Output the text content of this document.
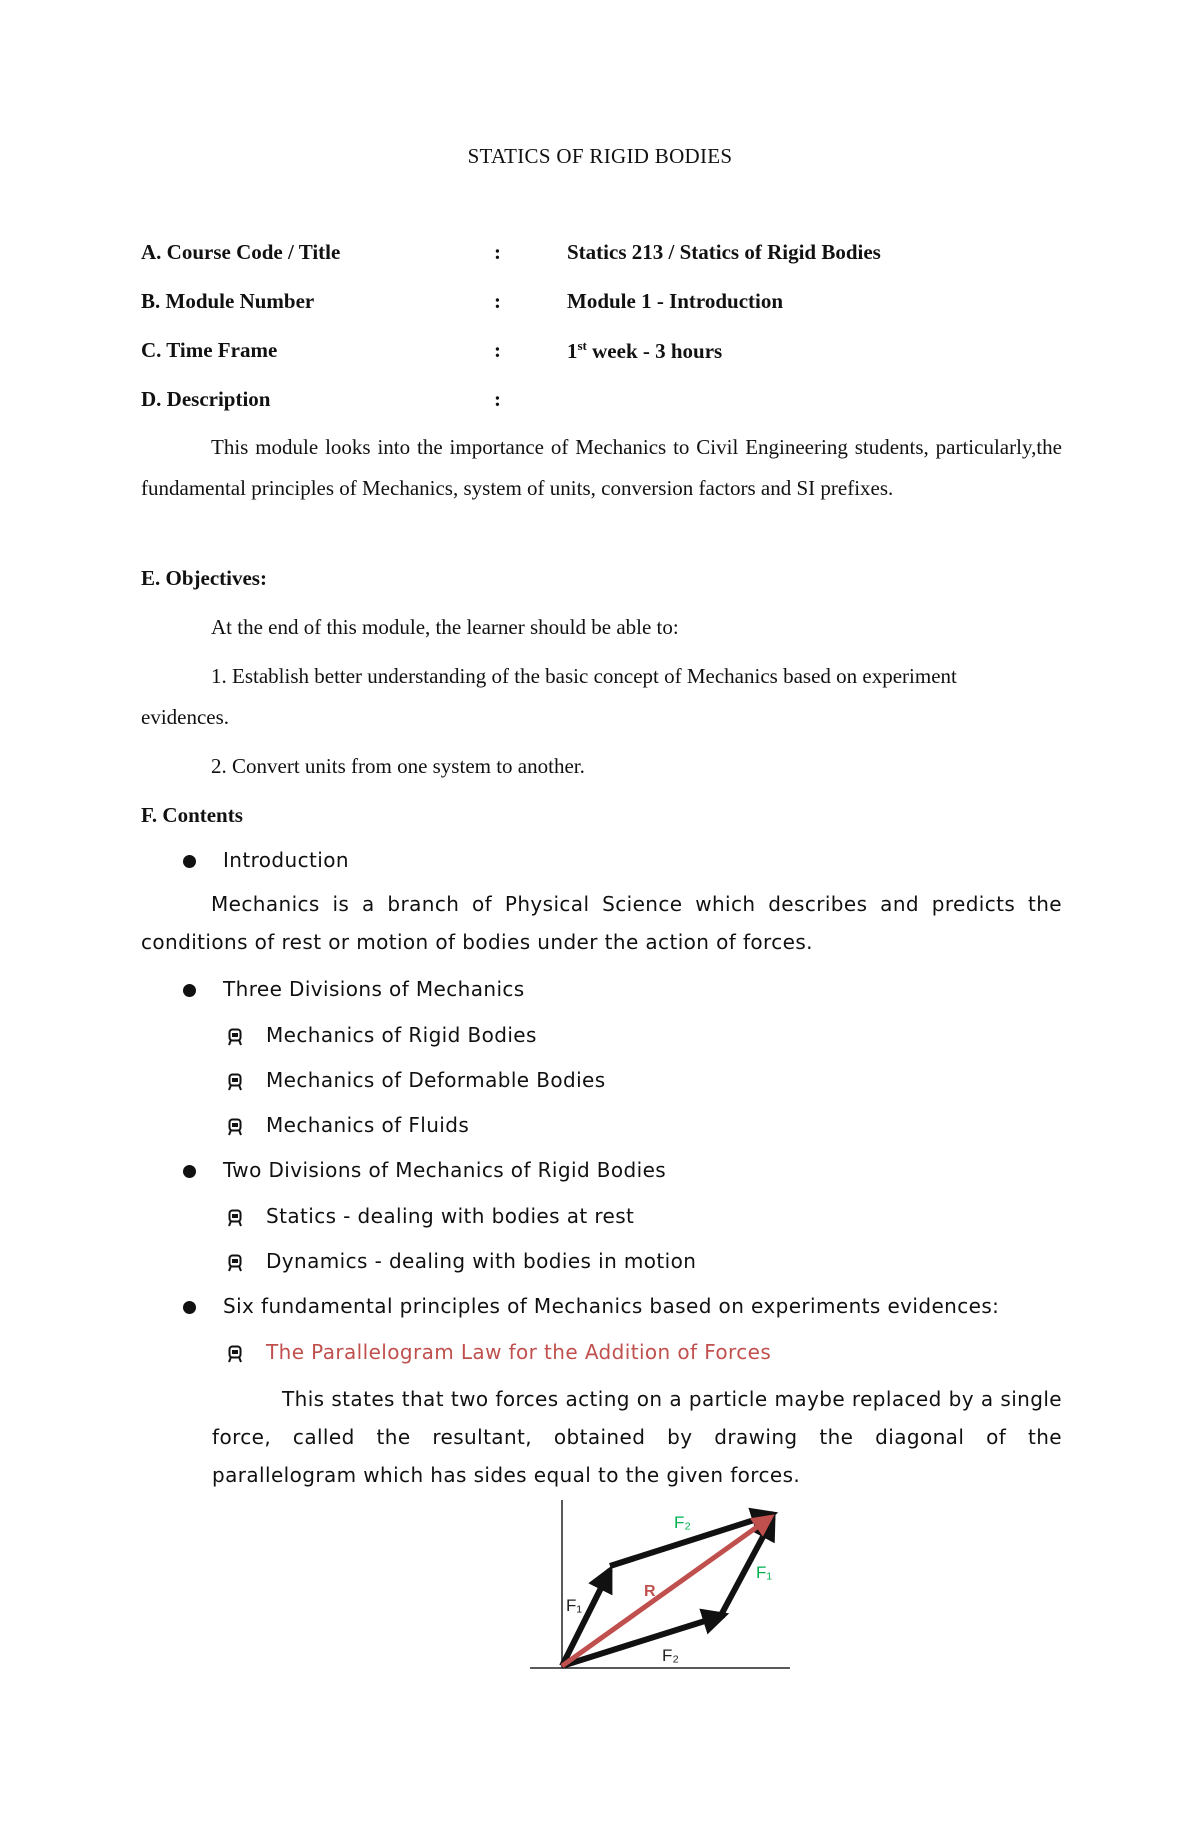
STATICS OF RIGID BODIES
A. Course Code / Title	:	Statics 213 / Statics of Rigid Bodies
B. Module Number	:	Module 1 - Introduction
C. Time Frame	:	1st week - 3 hours
D. Description	:

This module looks into the importance of Mechanics to Civil Engineering students, particularly,the fundamental principles of Mechanics, system of units, conversion factors and SI prefixes.

E. Objectives:
At the end of this module, the learner should be able to:
1. Establish better understanding of the basic concept of Mechanics based on experiment
evidences.
2. Convert units from one system to another.
F. Contents
Introduction

Mechanics is a branch of Physical Science which describes and predicts the conditions of rest or motion of bodies under the action of forces.

Three Divisions of Mechanics
Mechanics of Rigid Bodies
Mechanics of Deformable Bodies
Mechanics of Fluids
Two Divisions of Mechanics of Rigid Bodies
Statics - dealing with bodies at rest
Dynamics - dealing with bodies in motion
Six fundamental principles of Mechanics based on experiments evidences:
The Parallelogram Law for the Addition of Forces

This states that two forces acting on a particle maybe replaced by a single force, called the resultant, obtained by drawing the diagonal of the parallelogram which has sides equal to the given forces.

F₂
F₁
R
F₁
F₂
